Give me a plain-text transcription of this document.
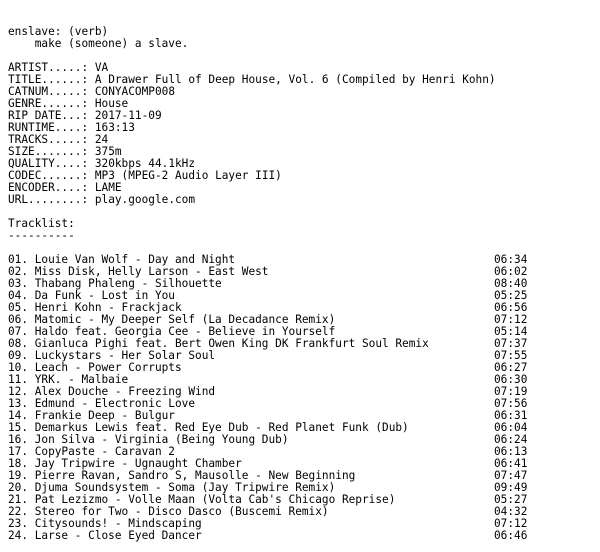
enslave: (verb)
make (someone) a slave.
ARTIST.....: VA
TITLE......: A Drawer Full of Deep House, Vol. 6 (Compiled by Henri Kohn)
CATNUM.....: CONYACOMP008
GENRE......: House
RIP DATE...: 2017-11-09
RUNTIME....: 163:13
TRACKS.....: 24
SIZE.......: 375m
QUALITY....: 320kbps 44.1kHz
CODEC......: MP3 (MPEG-2 Audio Layer III)
ENCODER....: LAME
URL........: play.google.com
Tracklist:
----------
01. Louie Van Wolf - Day and Night	06:34
02. Miss Disk, Helly Larson - East West	06:02
03. Thabang Phaleng - Silhouette	08:40
04. Da Funk - Lost in You	05:25
05. Henri Kohn - Frackjack	06:56
06. Matomic - My Deeper Self (La Decadance Remix)	07:12
07. Haldo feat. Georgia Cee - Believe in Yourself	05:14
08. Gianluca Pighi feat. Bert Owen King DK Frankfurt Soul Remix	07:37
09. Luckystars - Her Solar Soul	07:55
10. Leach - Power Corrupts	06:27
11. YRK. - Malbaie	06:30
12. Alex Douche - Freezing Wind	07:19
13. Edmund - Electronic Love	07:56
14. Frankie Deep - Bulgur	06:31
15. Demarkus Lewis feat. Red Eye Dub - Red Planet Funk (Dub)	06:04
16. Jon Silva - Virginia (Being Young Dub)	06:24
17. CopyPaste - Caravan 2	06:13
18. Jay Tripwire - Ugnaught Chamber	06:41
19. Pierre Ravan, Sandro S, Mausolle - New Beginning	07:47
20. Djuma Soundsystem - Soma (Jay Tripwire Remix)	09:49
21. Pat Lezizmo - Volle Maan (Volta Cab's Chicago Reprise)	05:27
22. Stereo for Two - Disco Dasco (Buscemi Remix)	04:32
23. Citysounds! - Mindscaping	07:12
24. Larse - Close Eyed Dancer	06:46
